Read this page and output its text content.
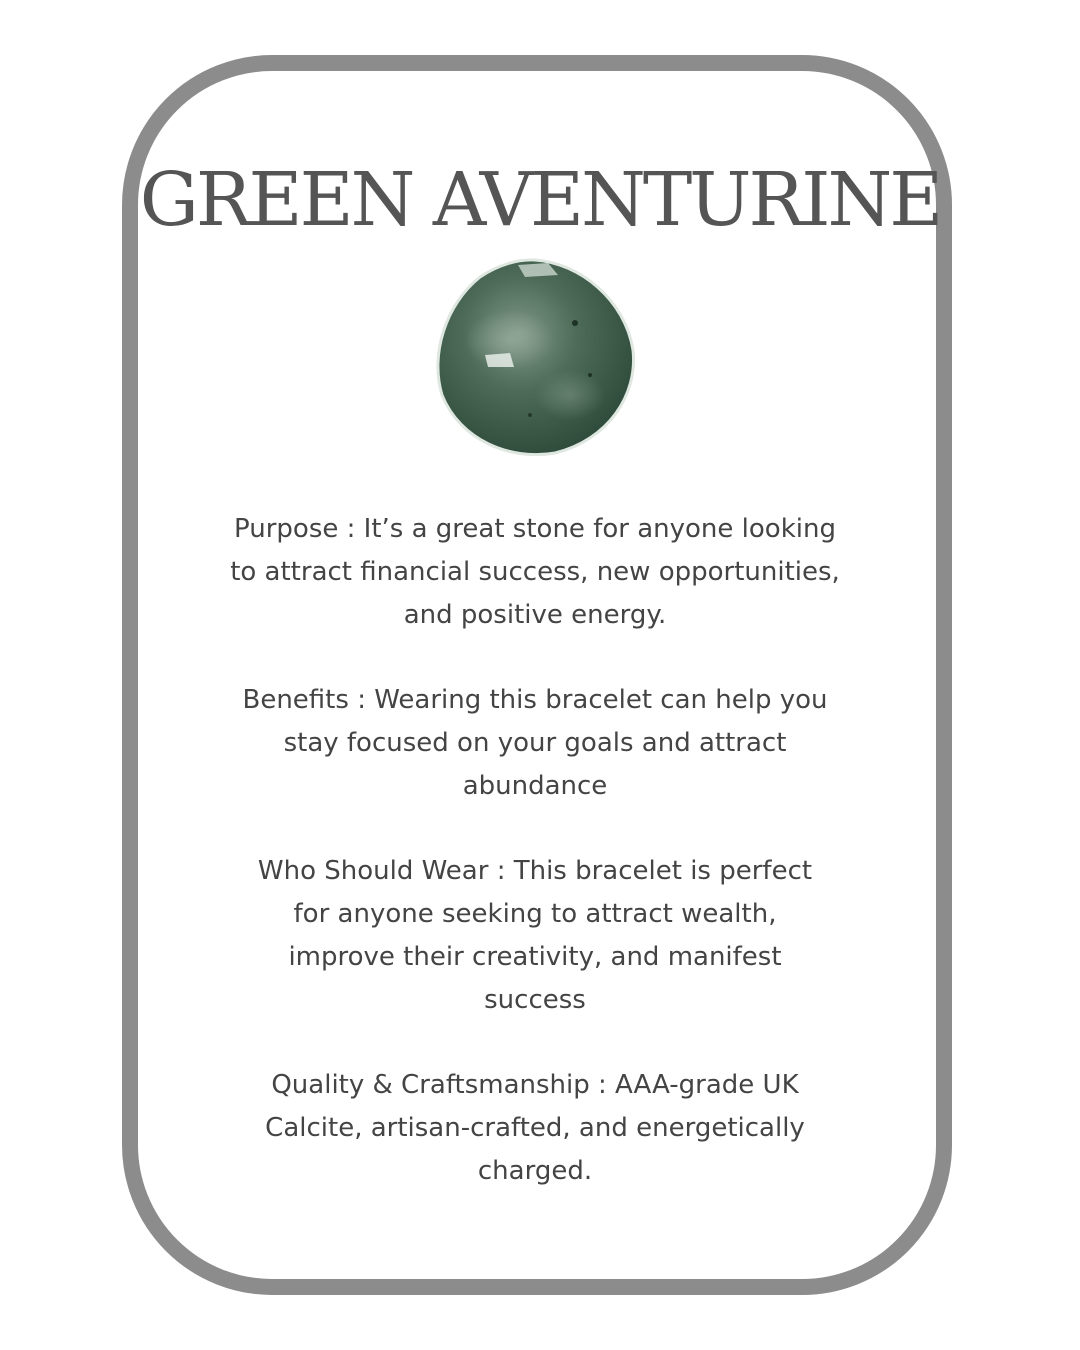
GREEN AVENTURINE

Purpose : It’s a great stone for anyone looking to attract financial success, new opportunities, and positive energy.

Benefits : Wearing this bracelet can help you stay focused on your goals and attract abundance

Who Should Wear : This bracelet is perfect for anyone seeking to attract wealth, improve their creativity, and manifest success

Quality & Craftsmanship : AAA-grade UK Calcite, artisan-crafted, and energetically charged.
